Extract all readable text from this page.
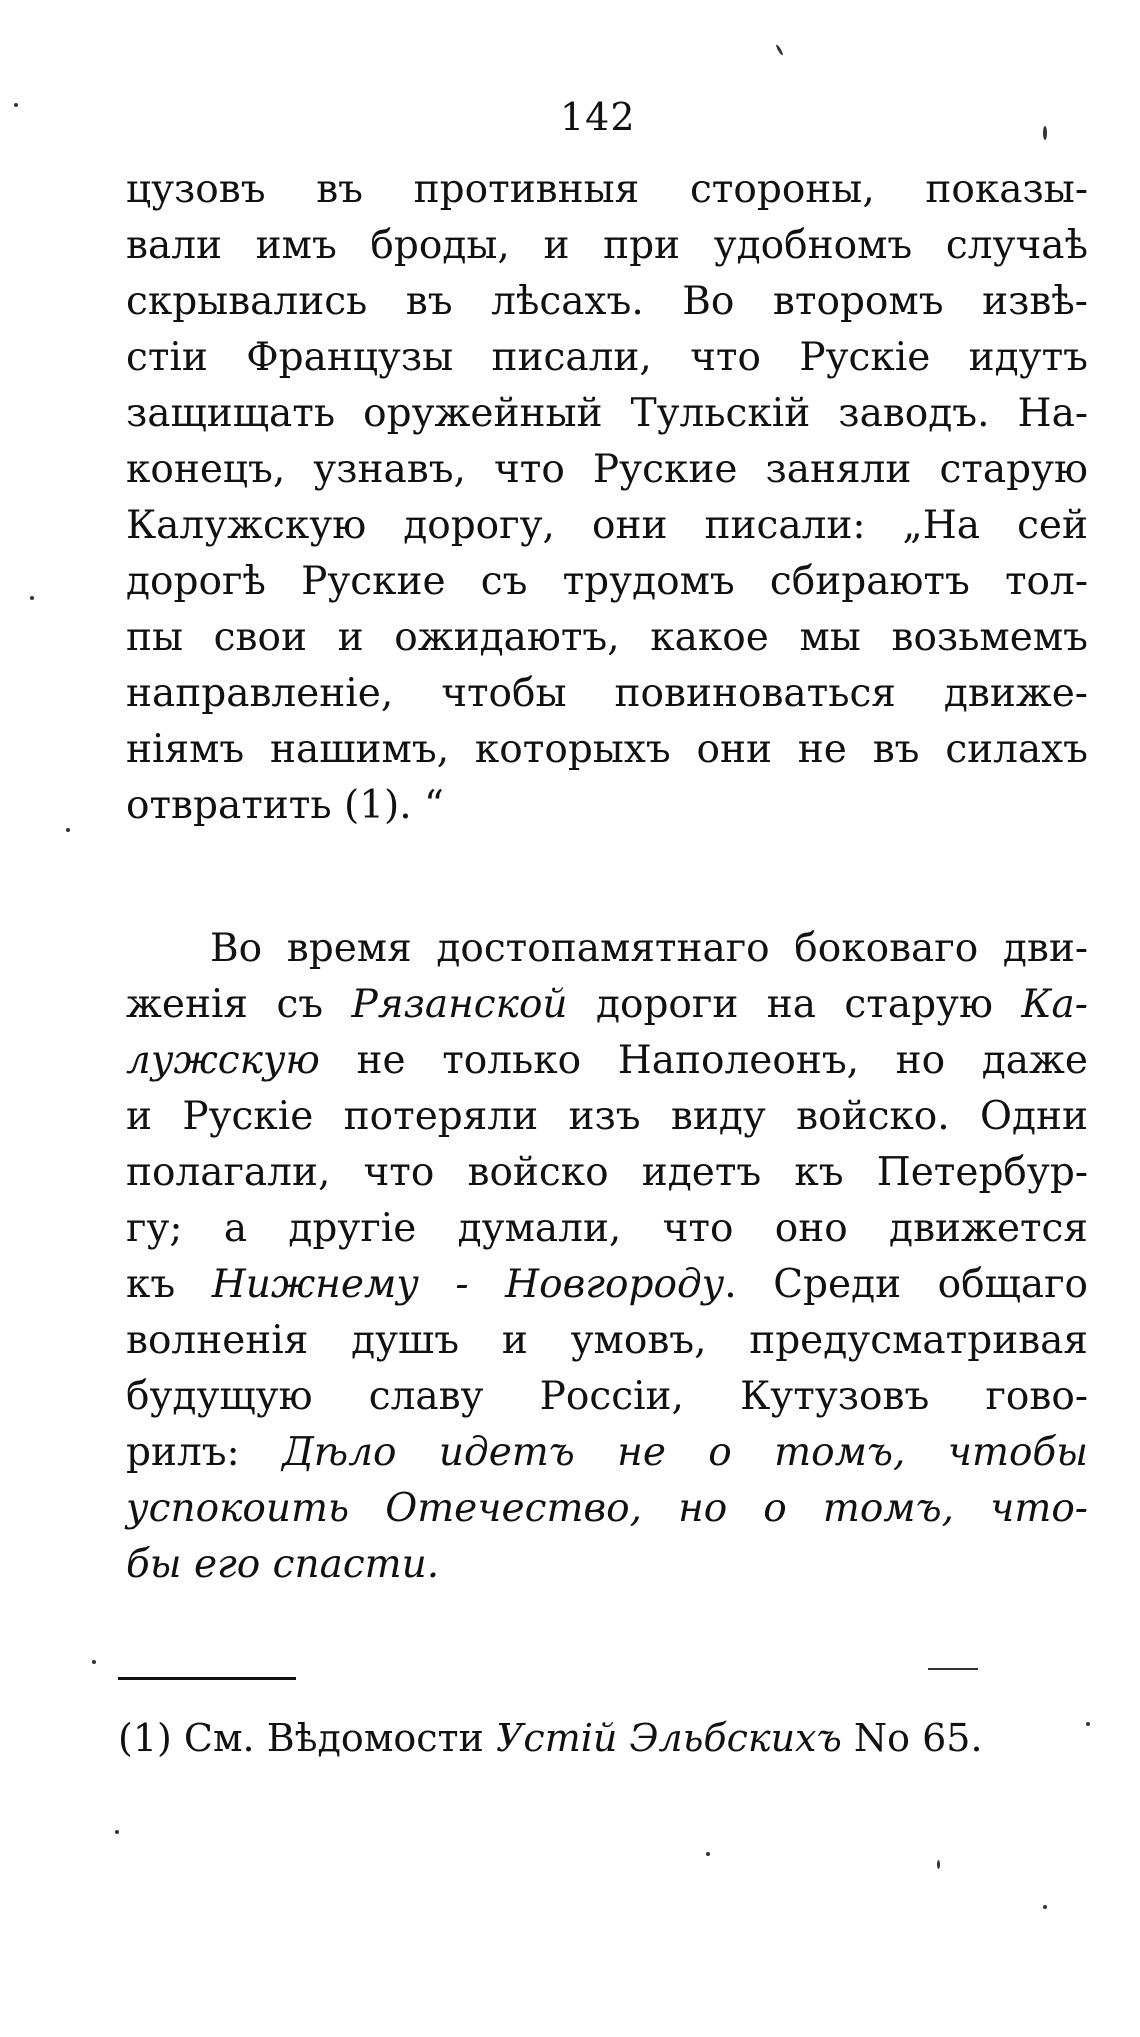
142
цузовъ въ противныя стороны, показы-
вали имъ броды, и при удобномъ случаѣ
скрывались въ лѣсахъ. Во второмъ извѣ-
стіи Французы писали, что Рускіе идутъ
защищать оружейный Тульскій заводъ. На-
конецъ, узнавъ, что Руские заняли старую
Калужскую дорогу, они писали: „На сей
дорогѣ Руские съ трудомъ сбираютъ тол-
пы свои и ожидаютъ, какое мы возьмемъ
направленіе, чтобы повиноваться движе-
ніямъ нашимъ, которыхъ они не въ силахъ
отвратить (1). “
Во время достопамятнаго боковаго дви-
женія съ Рязанской дороги на старую Ка-
лужскую не только Наполеонъ, но даже
и Рускіе потеряли изъ виду войско. Одни
полагали, что войско идетъ къ Петербур-
гу; а другіе думали, что оно движется
къ Нижнему - Новгороду. Среди общаго
волненія душъ и умовъ, предусматривая
будущую славу Россіи, Кутузовъ гово-
рилъ: Дѣло идетъ не о томъ, чтобы
успокоить Отечество, но о томъ, что-
бы его спасти.
(1) См. Вѣдомости Устій Эльбскихъ No 65.
